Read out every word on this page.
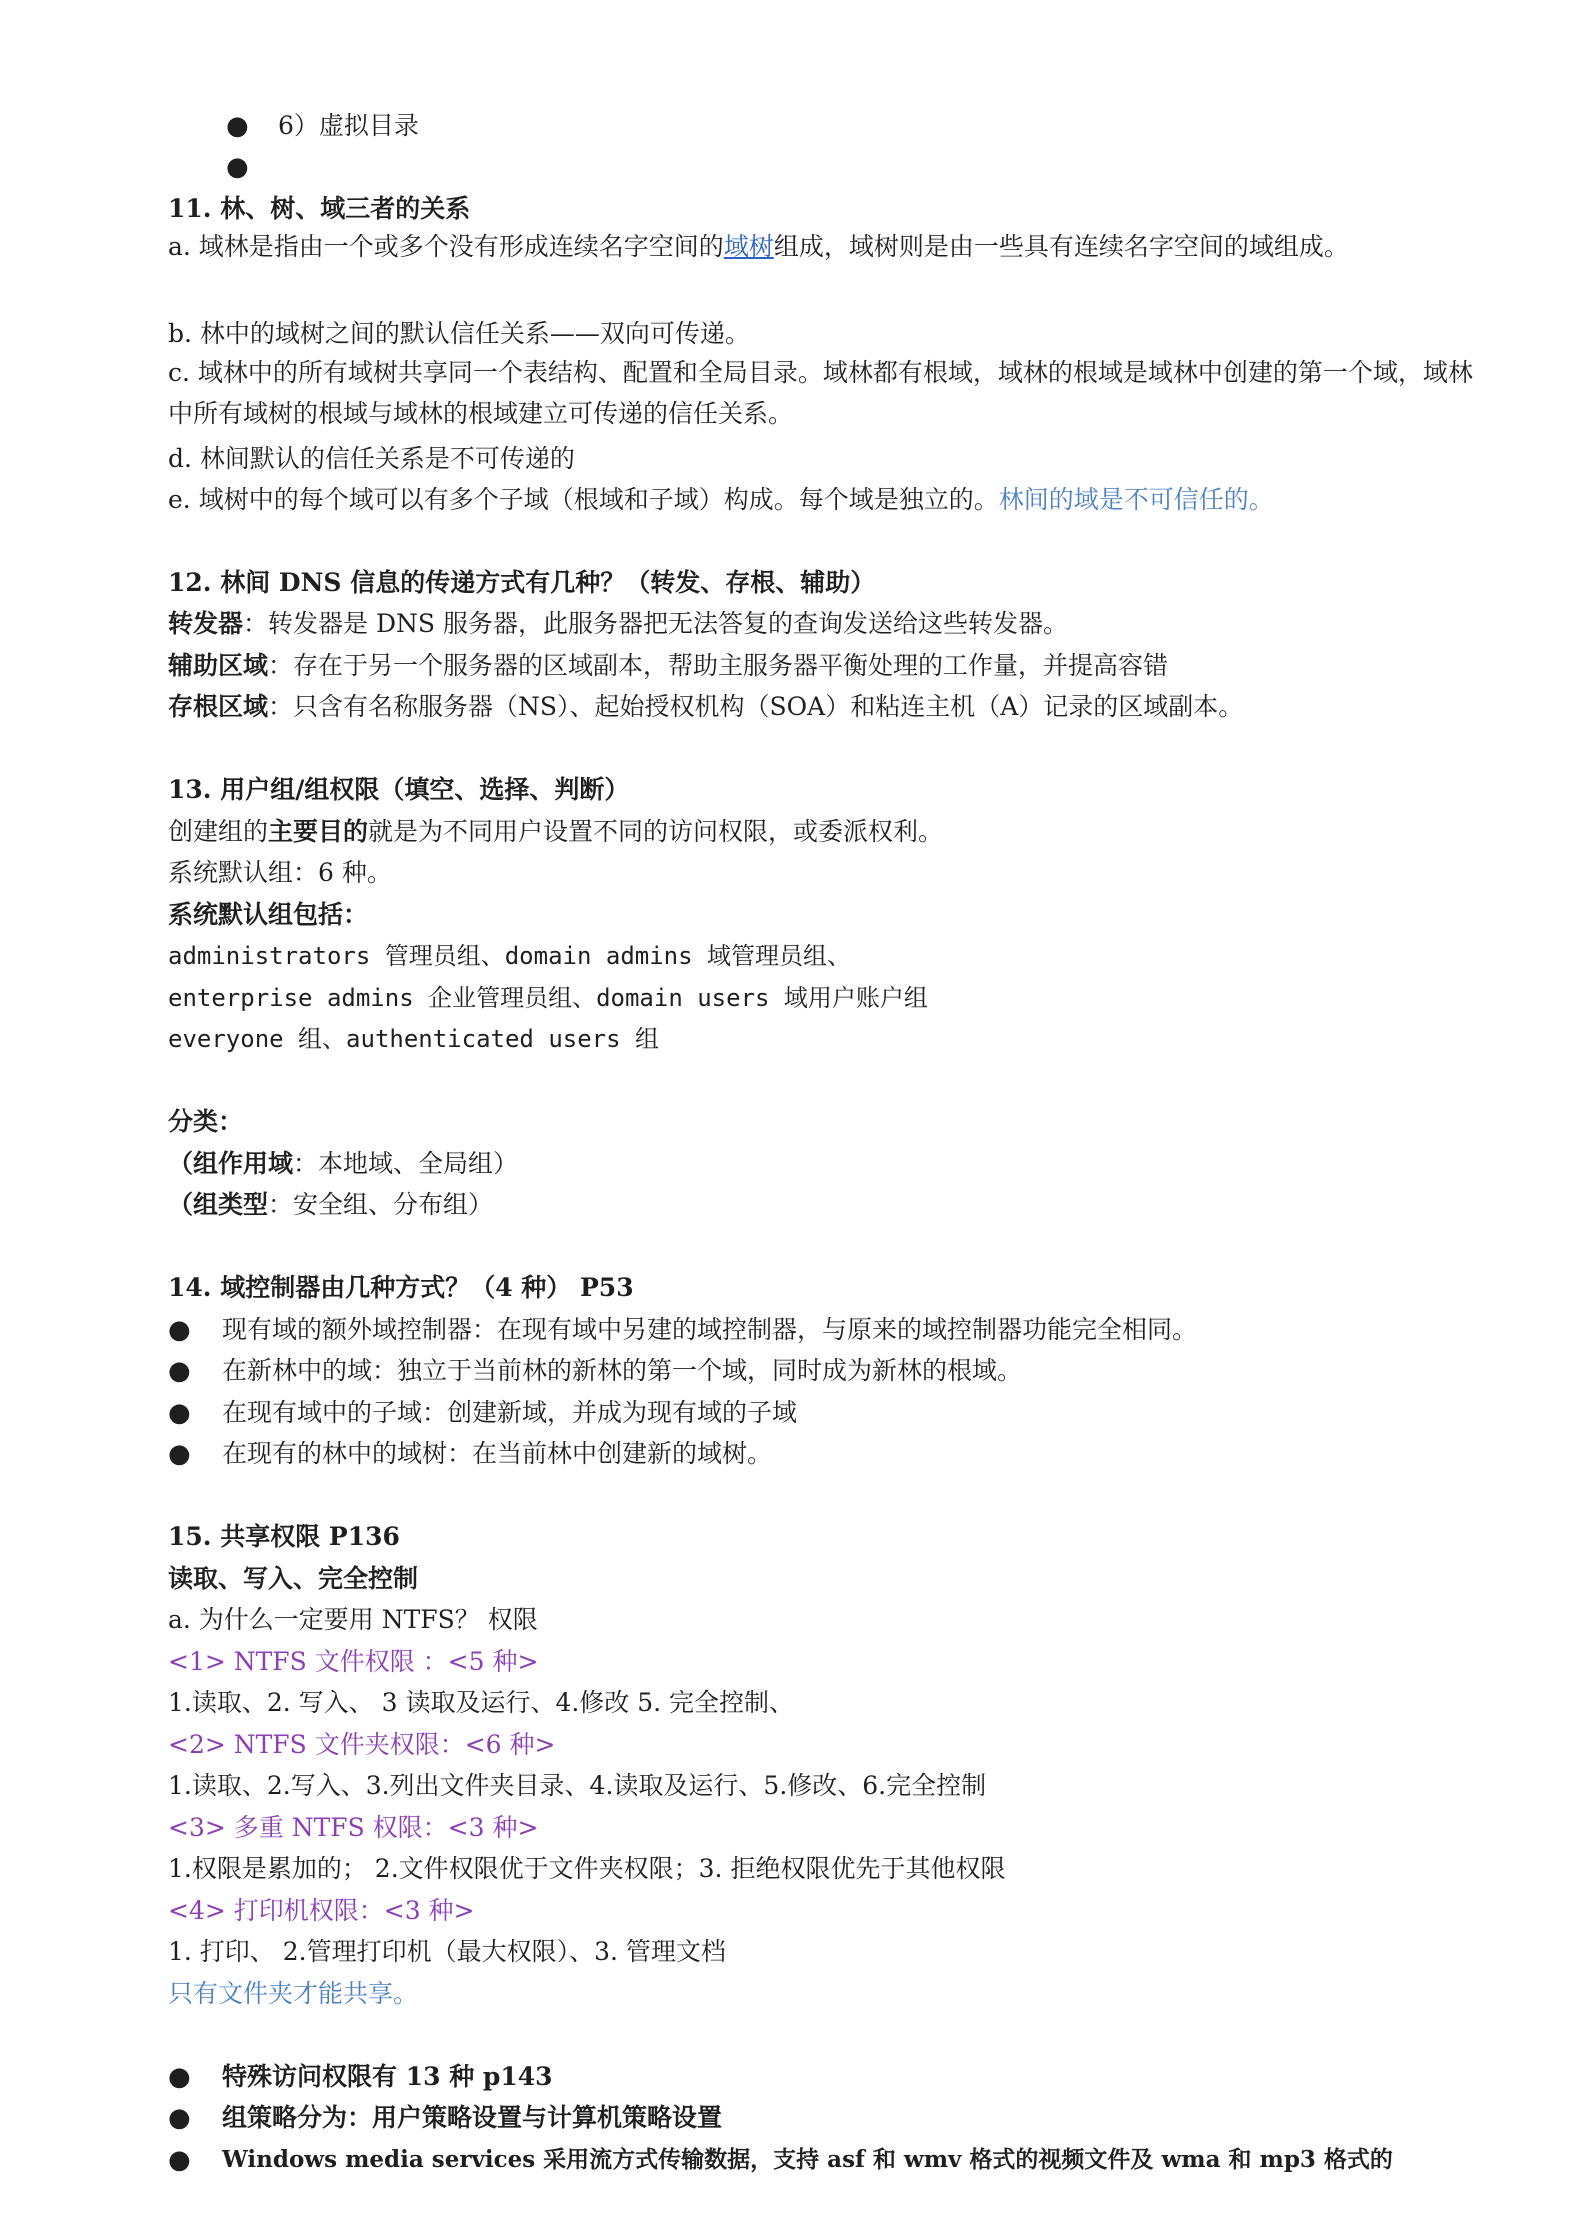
● 6）虚拟目录
●
11. 林、树、域三者的关系
a. 域林是指由一个或多个没有形成连续名字空间的域树组成，域树则是由一些具有连续名字空间的域组成。
b. 林中的域树之间的默认信任关系——双向可传递。
c. 域林中的所有域树共享同一个表结构、配置和全局目录。域林都有根域，域林的根域是域林中创建的第一个域，域林中所有域树的根域与域林的根域建立可传递的信任关系。
d. 林间默认的信任关系是不可传递的
e. 域树中的每个域可以有多个子域（根域和子域）构成。每个域是独立的。林间的域是不可信任的。
12. 林间 DNS 信息的传递方式有几种？（转发、存根、辅助）
转发器：转发器是 DNS 服务器，此服务器把无法答复的查询发送给这些转发器。
辅助区域：存在于另一个服务器的区域副本，帮助主服务器平衡处理的工作量，并提高容错
存根区域：只含有名称服务器（NS）、起始授权机构（SOA）和粘连主机（A）记录的区域副本。
13. 用户组/组权限（填空、选择、判断）
创建组的主要目的就是为不同用户设置不同的访问权限，或委派权利。
系统默认组：6 种。
系统默认组包括：
administrators 管理员组、domain admins 域管理员组、
enterprise admins 企业管理员组、domain users 域用户账户组
everyone 组、authenticated users 组
分类：
（组作用域：本地域、全局组）
（组类型：安全组、分布组）
14. 域控制器由几种方式？（4 种） P53
● 现有域的额外域控制器：在现有域中另建的域控制器，与原来的域控制器功能完全相同。
● 在新林中的域：独立于当前林的新林的第一个域，同时成为新林的根域。
● 在现有域中的子域：创建新域，并成为现有域的子域
● 在现有的林中的域树：在当前林中创建新的域树。
15. 共享权限 P136
读取、写入、完全控制
a. 为什么一定要用 NTFS？ 权限
<1> NTFS 文件权限 ：<5 种>
1.读取、2. 写入、 3 读取及运行、4.修改 5. 完全控制、
<2> NTFS 文件夹权限：<6 种>
1.读取、2.写入、3.列出文件夹目录、4.读取及运行、5.修改、6.完全控制
<3> 多重 NTFS 权限：<3 种>
1.权限是累加的； 2.文件权限优于文件夹权限；3. 拒绝权限优先于其他权限
<4> 打印机权限：<3 种>
1. 打印、 2.管理打印机（最大权限）、3. 管理文档
只有文件夹才能共享。
● 特殊访问权限有 13 种 p143
● 组策略分为：用户策略设置与计算机策略设置
● Windows media services 采用流方式传输数据，支持 asf 和 wmv 格式的视频文件及 wma 和 mp3 格式的
